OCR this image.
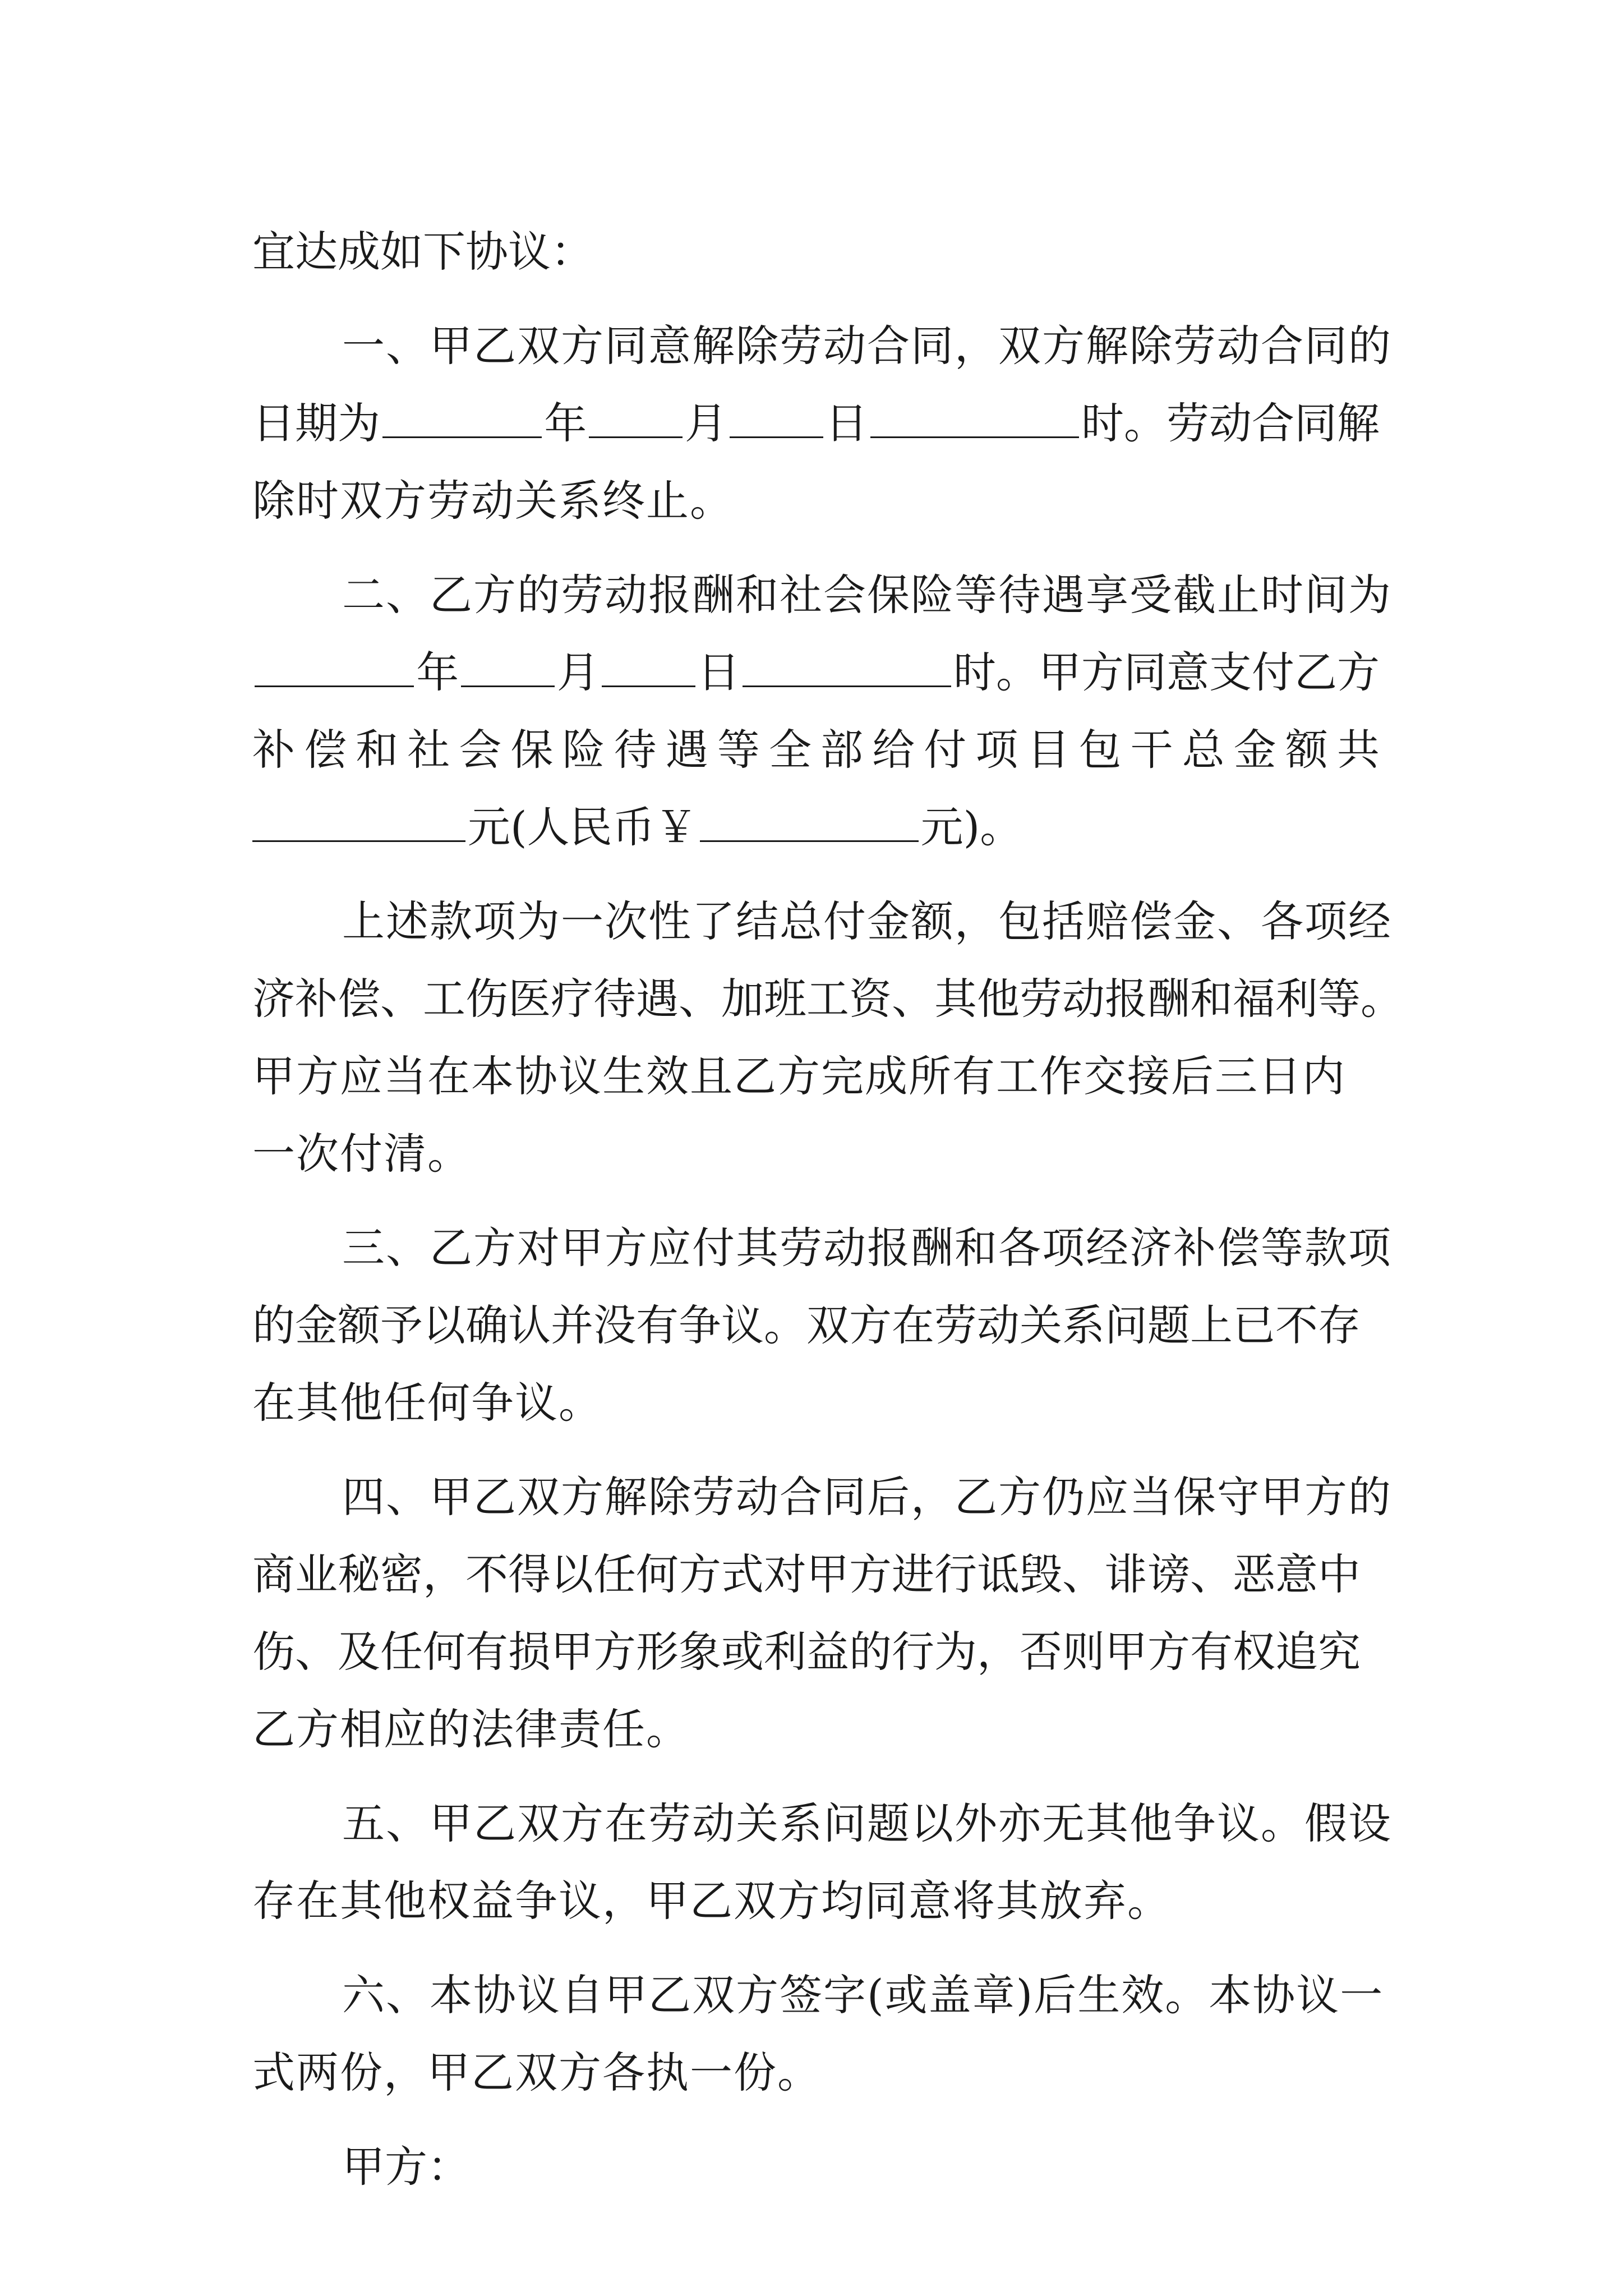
宜达成如下协议：
一、甲乙双方同意解除劳动合同，双方解除劳动合同的
日期为	年 月 日	时。劳动合同解
除时双方劳动关系终止。
二、乙方的劳动报酬和社会保险等待遇享受截止时间为
年 月 日	时。甲方同意支付乙方
补 偿 和 社 会 保 险 待 遇 等 全 部 给 付 项 目 包 干 总 金 额 共
元(人民币￥	元)。
上述款项为一次性了结总付金额，包括赔偿金、各项经
济补偿、工伤医疗待遇、加班工资、其他劳动报酬和福利等。
甲方应当在本协议生效且乙方完成所有工作交接后三日内
一次付清。
三、乙方对甲方应付其劳动报酬和各项经济补偿等款项
的金额予以确认并没有争议。双方在劳动关系问题上已不存
在其他任何争议。
四、甲乙双方解除劳动合同后，乙方仍应当保守甲方的
商业秘密，不得以任何方式对甲方进行诋毁、诽谤、恶意中
伤、及任何有损甲方形象或利益的行为，否则甲方有权追究
乙方相应的法律责任。
五、甲乙双方在劳动关系问题以外亦无其他争议。假设
存在其他权益争议，甲乙双方均同意将其放弃。
六、本协议自甲乙双方签字(或盖章)后生效。本协议一
式两份，甲乙双方各执一份。
甲方：
